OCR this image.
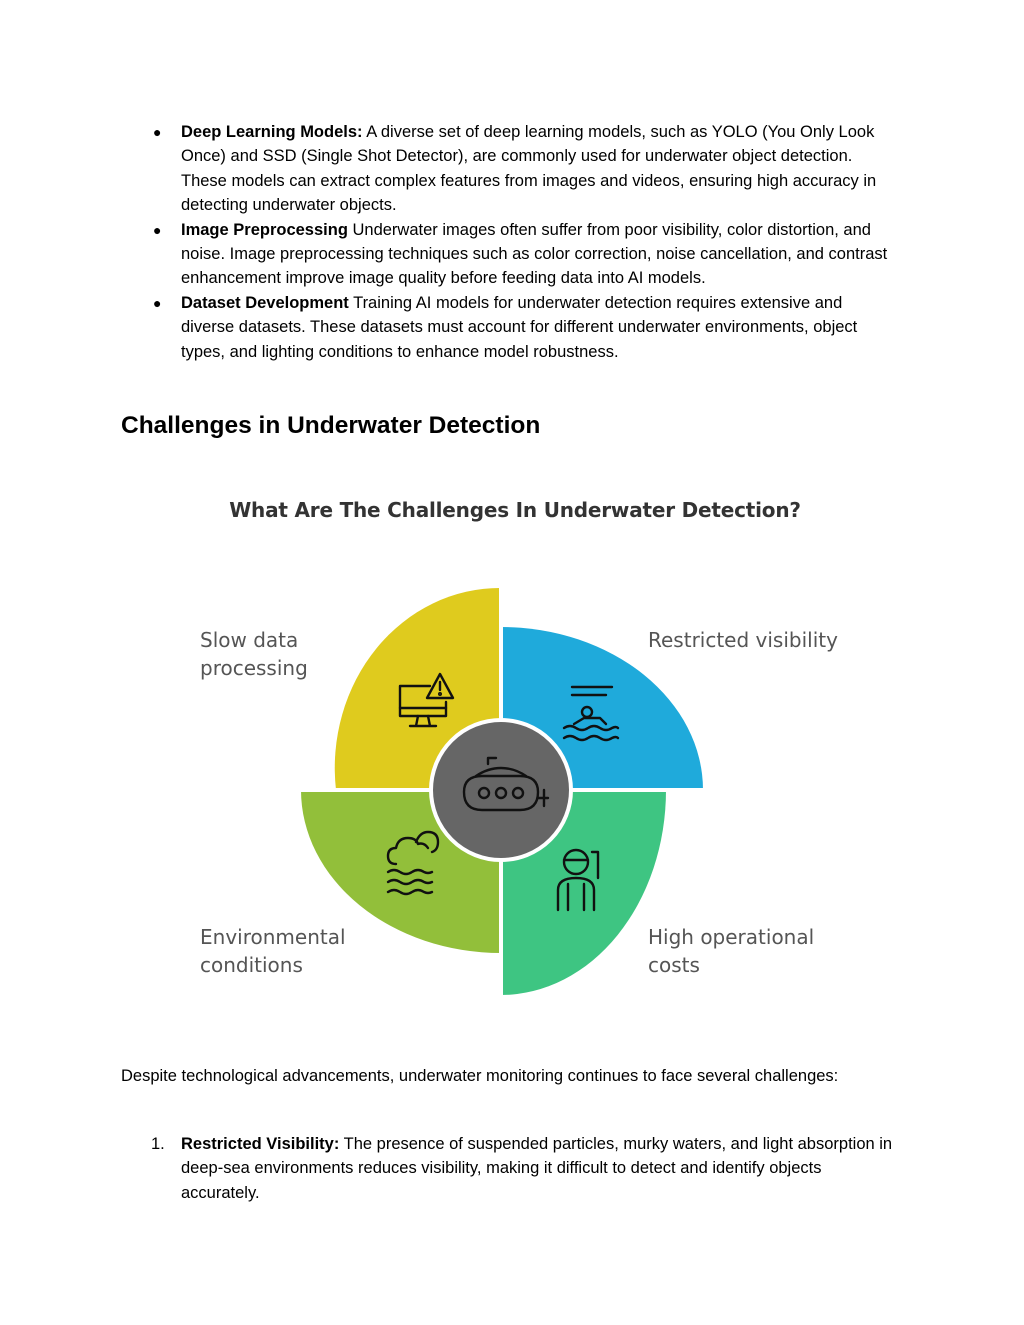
● Deep Learning Models: A diverse set of deep learning models, such as YOLO (You Only Look Once) and SSD (Single Shot Detector), are commonly used for underwater object detection. These models can extract complex features from images and videos, ensuring high accuracy in detecting underwater objects.
● Image Preprocessing Underwater images often suffer from poor visibility, color distortion, and noise. Image preprocessing techniques such as color correction, noise cancellation, and contrast enhancement improve image quality before feeding data into AI models.
● Dataset Development Training AI models for underwater detection requires extensive and diverse datasets. These datasets must account for different underwater environments, object types, and lighting conditions to enhance model robustness.
Challenges in Underwater Detection
What Are The Challenges In Underwater Detection?
Slow data
processing
Restricted visibility
Environmental
conditions
High operational
costs

Despite technological advancements, underwater monitoring continues to face several challenges:

1. Restricted Visibility: The presence of suspended particles, murky waters, and light absorption in deep-sea environments reduces visibility, making it difficult to detect and identify objects accurately.
